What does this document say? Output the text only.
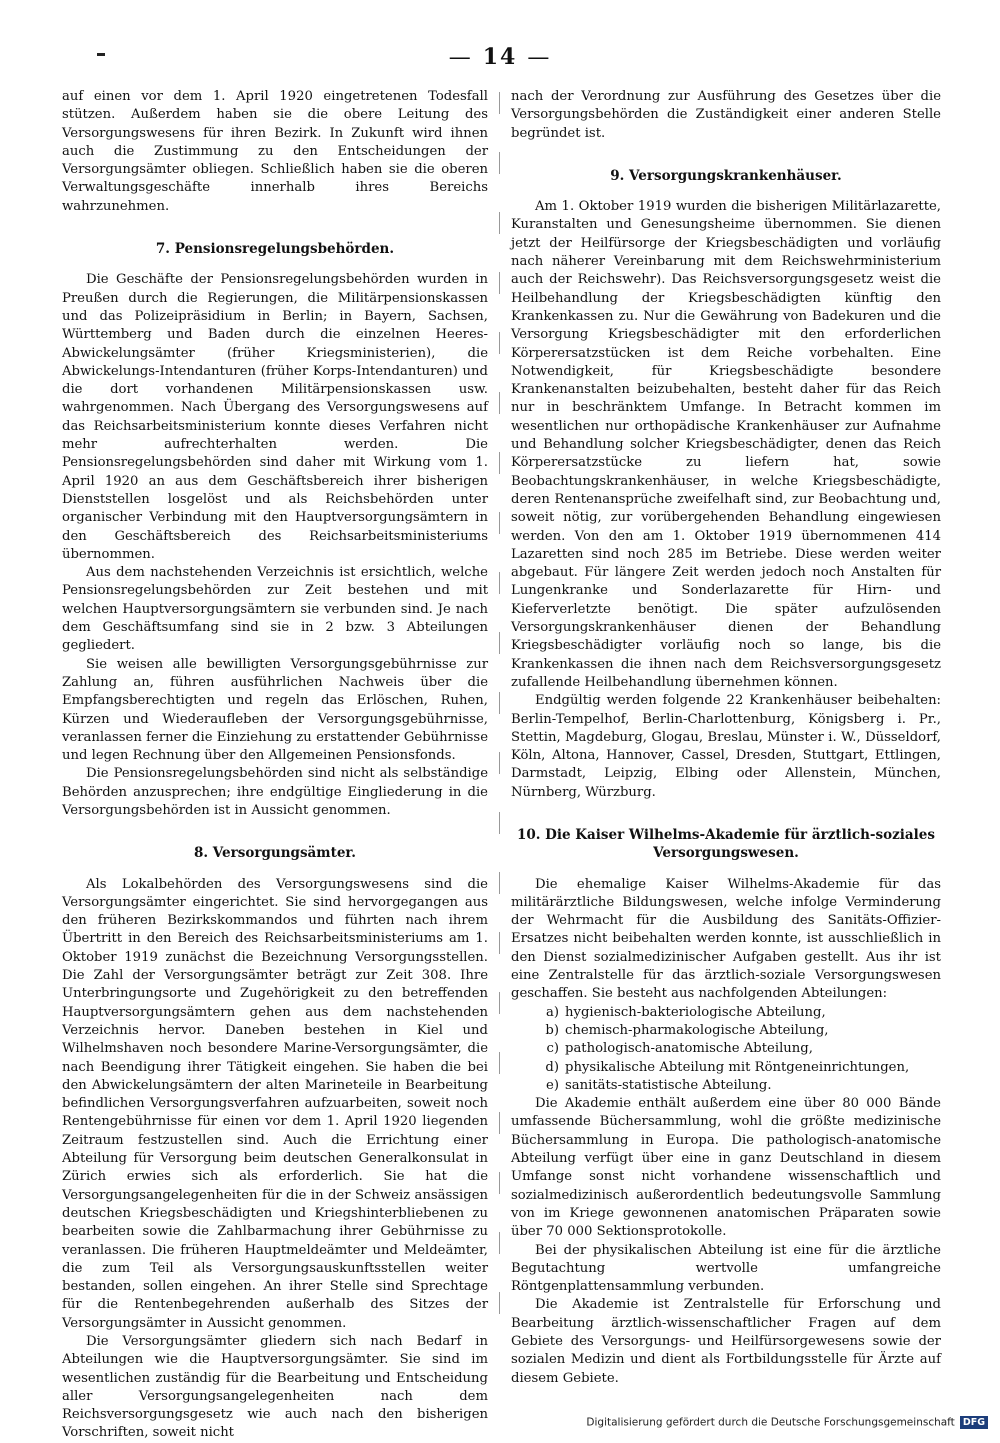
— 14 —

auf einen vor dem 1. April 1920 eingetretenen Todesfall stützen. Außerdem haben sie die obere Leitung des Versorgungswesens für ihren Bezirk. In Zukunft wird ihnen auch die Zustimmung zu den Entscheidungen der Versorgungsämter obliegen. Schließlich haben sie die oberen Verwaltungsgeschäfte innerhalb ihres Bereichs wahrzunehmen.

7. Pensionsregelungsbehörden.

Die Geschäfte der Pensionsregelungsbehörden wurden in Preußen durch die Regierungen, die Militärpensionskassen und das Polizeipräsidium in Berlin; in Bayern, Sachsen, Württemberg und Baden durch die einzelnen Heeres-Abwickelungsämter (früher Kriegsministerien), die Abwickelungs-Intendanturen (früher Korps-Intendanturen) und die dort vorhandenen Militärpensionskassen usw. wahrgenommen. Nach Übergang des Versorgungswesens auf das Reichsarbeitsministerium konnte dieses Verfahren nicht mehr aufrechterhalten werden. Die Pensionsregelungsbehörden sind daher mit Wirkung vom 1. April 1920 an aus dem Geschäftsbereich ihrer bisherigen Dienststellen losgelöst und als Reichsbehörden unter organischer Verbindung mit den Hauptversorgungsämtern in den Geschäftsbereich des Reichsarbeitsministeriums übernommen.

Aus dem nachstehenden Verzeichnis ist ersichtlich, welche Pensionsregelungsbehörden zur Zeit bestehen und mit welchen Hauptversorgungsämtern sie verbunden sind. Je nach dem Geschäftsumfang sind sie in 2 bzw. 3 Abteilungen gegliedert.

Sie weisen alle bewilligten Versorgungsgebührnisse zur Zahlung an, führen ausführlichen Nachweis über die Empfangsberechtigten und regeln das Erlöschen, Ruhen, Kürzen und Wiederaufleben der Versorgungsgebührnisse, veranlassen ferner die Einziehung zu erstattender Gebührnisse und legen Rechnung über den Allgemeinen Pensionsfonds.

Die Pensionsregelungsbehörden sind nicht als selbständige Behörden anzusprechen; ihre endgültige Eingliederung in die Versorgungsbehörden ist in Aussicht genommen.

8. Versorgungsämter.

Als Lokalbehörden des Versorgungswesens sind die Versorgungsämter eingerichtet. Sie sind hervorgegangen aus den früheren Bezirkskommandos und führten nach ihrem Übertritt in den Bereich des Reichsarbeitsministeriums am 1. Oktober 1919 zunächst die Bezeichnung Versorgungsstellen. Die Zahl der Versorgungsämter beträgt zur Zeit 308. Ihre Unterbringungsorte und Zugehörigkeit zu den betreffenden Hauptversorgungsämtern gehen aus dem nachstehenden Verzeichnis hervor. Daneben bestehen in Kiel und Wilhelmshaven noch besondere Marine-Versorgungsämter, die nach Beendigung ihrer Tätigkeit eingehen. Sie haben die bei den Abwickelungsämtern der alten Marineteile in Bearbeitung befindlichen Versorgungsverfahren aufzuarbeiten, soweit noch Rentengebührnisse für einen vor dem 1. April 1920 liegenden Zeitraum festzustellen sind. Auch die Errichtung einer Abteilung für Versorgung beim deutschen Generalkonsulat in Zürich erwies sich als erforderlich. Sie hat die Versorgungsangelegenheiten für die in der Schweiz ansässigen deutschen Kriegsbeschädigten und Kriegshinterbliebenen zu bearbeiten sowie die Zahlbarmachung ihrer Gebührnisse zu veranlassen. Die früheren Hauptmeldeämter und Meldeämter, die zum Teil als Versorgungsauskunftsstellen weiter bestanden, sollen eingehen. An ihrer Stelle sind Sprechtage für die Rentenbegehrenden außerhalb des Sitzes der Versorgungsämter in Aussicht genommen.

Die Versorgungsämter gliedern sich nach Bedarf in Abteilungen wie die Hauptversorgungsämter. Sie sind im wesentlichen zuständig für die Bearbeitung und Entscheidung aller Versorgungsangelegenheiten nach dem Reichsversorgungsgesetz wie auch nach den bisherigen Vorschriften, soweit nicht

nach der Verordnung zur Ausführung des Gesetzes über die Versorgungsbehörden die Zuständigkeit einer anderen Stelle begründet ist.

9. Versorgungskrankenhäuser.

Am 1. Oktober 1919 wurden die bisherigen Militärlazarette, Kuranstalten und Genesungsheime übernommen. Sie dienen jetzt der Heilfürsorge der Kriegsbeschädigten und vorläufig nach näherer Vereinbarung mit dem Reichswehrministerium auch der Reichswehr). Das Reichsversorgungsgesetz weist die Heilbehandlung der Kriegsbeschädigten künftig den Krankenkassen zu. Nur die Gewährung von Badekuren und die Versorgung Kriegsbeschädigter mit den erforderlichen Körperersatzstücken ist dem Reiche vorbehalten. Eine Notwendigkeit, für Kriegsbeschädigte besondere Krankenanstalten beizubehalten, besteht daher für das Reich nur in beschränktem Umfange. In Betracht kommen im wesentlichen nur orthopädische Krankenhäuser zur Aufnahme und Behandlung solcher Kriegsbeschädigter, denen das Reich Körperersatzstücke zu liefern hat, sowie Beobachtungskrankenhäuser, in welche Kriegsbeschädigte, deren Rentenansprüche zweifelhaft sind, zur Beobachtung und, soweit nötig, zur vorübergehenden Behandlung eingewiesen werden. Von den am 1. Oktober 1919 übernommenen 414 Lazaretten sind noch 285 im Betriebe. Diese werden weiter abgebaut. Für längere Zeit werden jedoch noch Anstalten für Lungenkranke und Sonderlazarette für Hirn- und Kieferverletzte benötigt. Die später aufzulösenden Versorgungskrankenhäuser dienen der Behandlung Kriegsbeschädigter vorläufig noch so lange, bis die Krankenkassen die ihnen nach dem Reichsversorgungsgesetz zufallende Heilbehandlung übernehmen können.

Endgültig werden folgende 22 Krankenhäuser beibehalten: Berlin-Tempelhof, Berlin-Charlottenburg, Königsberg i. Pr., Stettin, Magdeburg, Glogau, Breslau, Münster i. W., Düsseldorf, Köln, Altona, Hannover, Cassel, Dresden, Stuttgart, Ettlingen, Darmstadt, Leipzig, Elbing oder Allenstein, München, Nürnberg, Würzburg.

10. Die Kaiser Wilhelms-Akademie für ärztlich-soziales
Versorgungswesen.

Die ehemalige Kaiser Wilhelms-Akademie für das militärärztliche Bildungswesen, welche infolge Verminderung der Wehrmacht für die Ausbildung des Sanitäts-Offizier-Ersatzes nicht beibehalten werden konnte, ist ausschließlich in den Dienst sozialmedizinischer Aufgaben gestellt. Aus ihr ist eine Zentralstelle für das ärztlich-soziale Versorgungswesen geschaffen. Sie besteht aus nachfolgenden Abteilungen:

a) hygienisch-bakteriologische Abteilung,
b) chemisch-pharmakologische Abteilung,
c) pathologisch-anatomische Abteilung,
d) physikalische Abteilung mit Röntgeneinrichtungen,
e) sanitäts-statistische Abteilung.

Die Akademie enthält außerdem eine über 80 000 Bände umfassende Büchersammlung, wohl die größte medizinische Büchersammlung in Europa. Die pathologisch-anatomische Abteilung verfügt über eine in ganz Deutschland in diesem Umfange sonst nicht vorhandene wissenschaftlich und sozialmedizinisch außerordentlich bedeutungsvolle Sammlung von im Kriege gewonnenen anatomischen Präparaten sowie über 70 000 Sektionsprotokolle.

Bei der physikalischen Abteilung ist eine für die ärztliche Begutachtung wertvolle umfangreiche Röntgenplattensammlung verbunden.

Die Akademie ist Zentralstelle für Erforschung und Bearbeitung ärztlich-wissenschaftlicher Fragen auf dem Gebiete des Versorgungs- und Heilfürsorgewesens sowie der sozialen Medizin und dient als Fortbildungsstelle für Ärzte auf diesem Gebiete.

Digitalisierung gefördert durch die Deutsche Forschungsgemeinschaft DFG
